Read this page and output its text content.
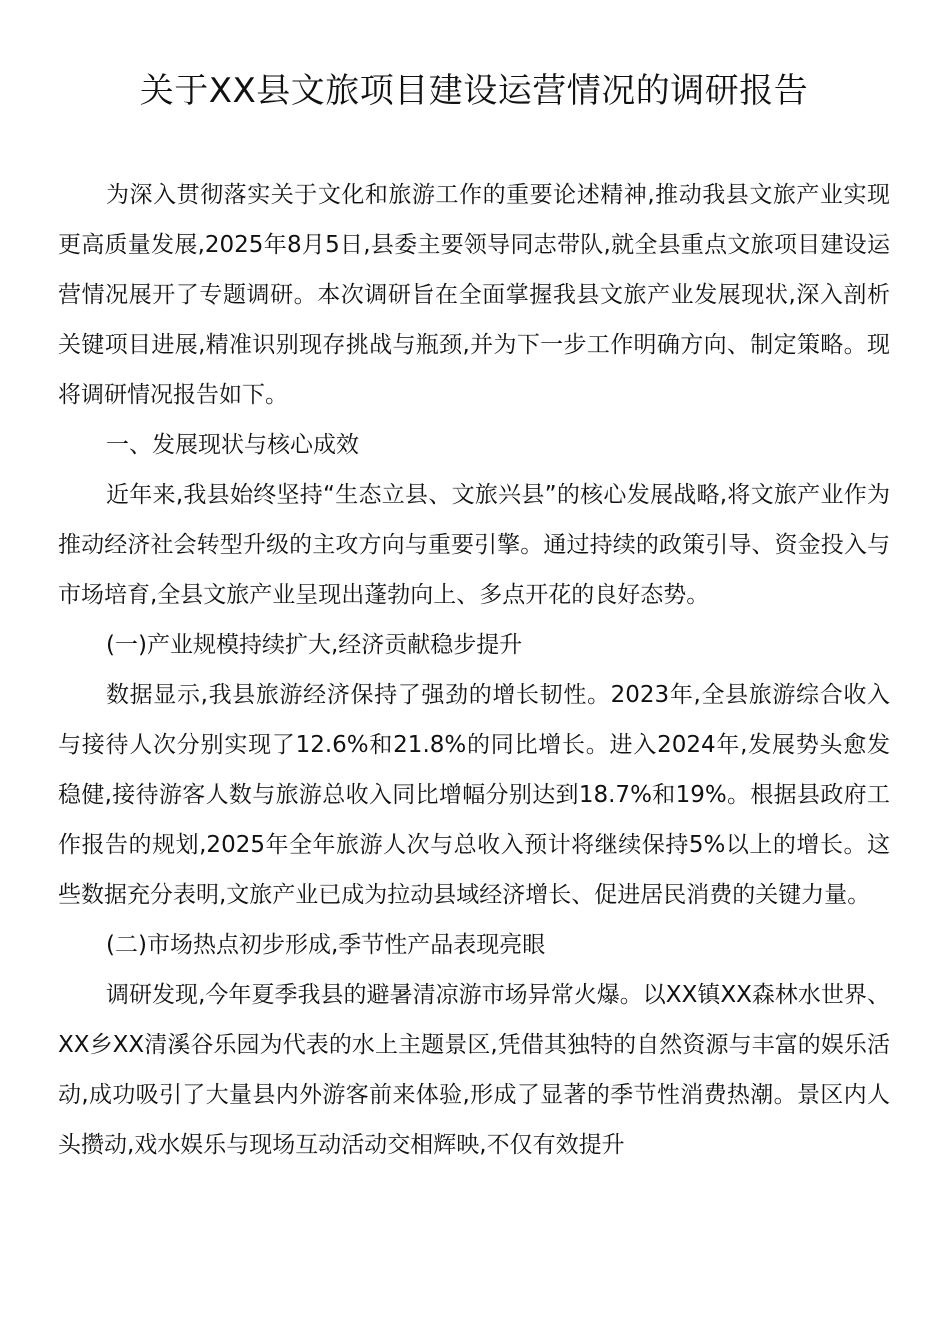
关于XX县文旅项目建设运营情况的调研报告

为深入贯彻落实关于文化和旅游工作的重要论述精神,推动我县文旅产业实现更高质量发展,2025年8月5日,县委主要领导同志带队,就全县重点文旅项目建设运营情况展开了专题调研。本次调研旨在全面掌握我县文旅产业发展现状,深入剖析关键项目进展,精准识别现存挑战与瓶颈,并为下一步工作明确方向、制定策略。现将调研情况报告如下。

一、发展现状与核心成效

近年来,我县始终坚持“生态立县、文旅兴县”的核心发展战略,将文旅产业作为推动经济社会转型升级的主攻方向与重要引擎。通过持续的政策引导、资金投入与市场培育,全县文旅产业呈现出蓬勃向上、多点开花的良好态势。

(一)产业规模持续扩大,经济贡献稳步提升

数据显示,我县旅游经济保持了强劲的增长韧性。2023年,全县旅游综合收入与接待人次分别实现了12.6%和21.8%的同比增长。进入2024年,发展势头愈发稳健,接待游客人数与旅游总收入同比增幅分别达到18.7%和19%。根据县政府工作报告的规划,2025年全年旅游人次与总收入预计将继续保持5%以上的增长。这些数据充分表明,文旅产业已成为拉动县域经济增长、促进居民消费的关键力量。

(二)市场热点初步形成,季节性产品表现亮眼

调研发现,今年夏季我县的避暑清凉游市场异常火爆。以XX镇XX森林水世界、XX乡XX清溪谷乐园为代表的水上主题景区,凭借其独特的自然资源与丰富的娱乐活动,成功吸引了大量县内外游客前来体验,形成了显著的季节性消费热潮。景区内人头攒动,戏水娱乐与现场互动活动交相辉映,不仅有效提升
